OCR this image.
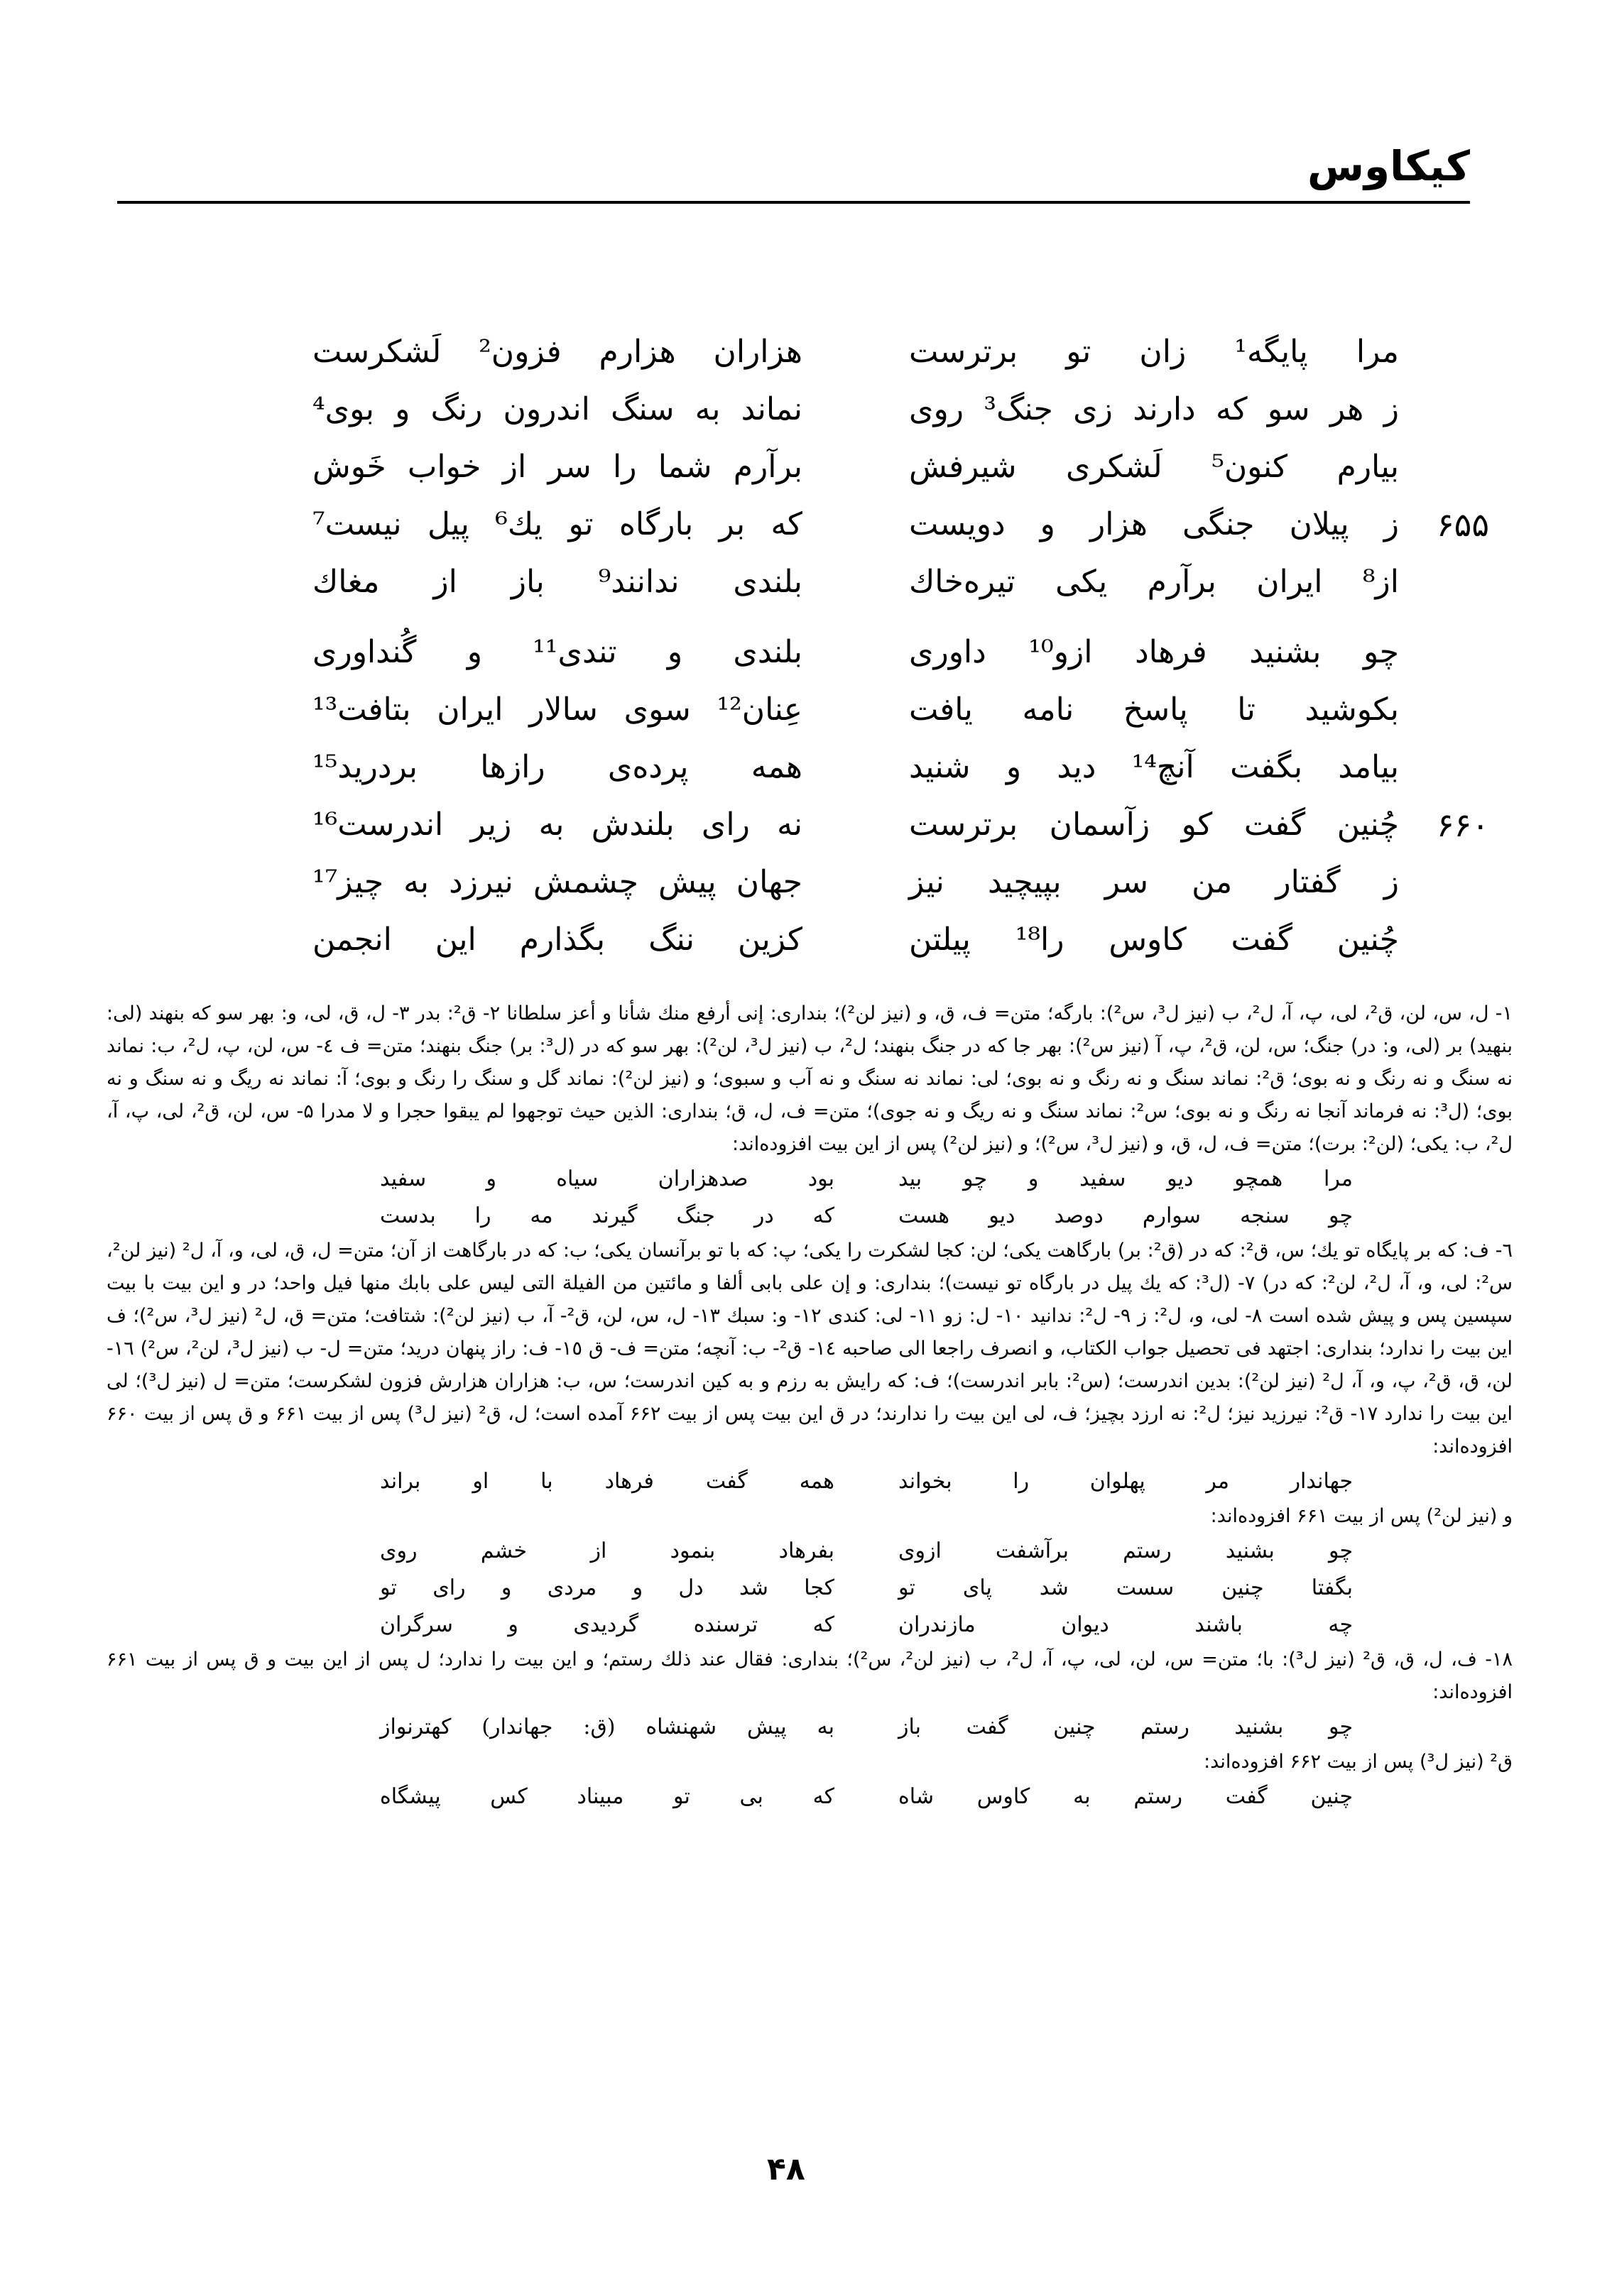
کیکاوس
مرا پایگه¹ زان تو برترست
هزاران هزارم فزون² لَشکرست
ز هر سو که دارند زی جنگ³ روی
نماند به سنگ اندرون رنگ و بوی⁴
بیارم کنون⁵ لَشکری شیرفش
برآرم شما را سر از خواب خَوش
۶۵۵
ز پیلان جنگی هزار و دویست
که بر بارگاه تو یك⁶ پیل نیست⁷
از⁸ ایران برآرم یکی تیره‌خاك
بلندی ندانند⁹ باز از مغاك
چو بشنید فرهاد ازو¹⁰ داوری
بلندی و تندی¹¹ و گُنداوری
بکوشید تا پاسخ نامه یافت
عِنان¹² سوی سالار ایران بتافت¹³
بیامد بگفت آنچ¹⁴ دید و شنید
همه پرده‌ی رازها بردرید¹⁵
۶۶۰
چُنین گفت کو زآسمان برترست
نه رای بلندش به زیر اندرست¹⁶
ز گفتار من سر بپیچید نیز
جهان پیش چشمش نیرزد به چیز¹⁷
چُنین گفت کاوس را¹⁸ پیلتن
کزین ننگ بگذارم این انجمن

۱- ل، س، لن، ق²، لی، پ، آ، ل²، ب (نیز ل³، س²): بارگه؛ متن= ف، ق، و (نیز لن²)؛ بنداری: إنی أرفع منك شأنا و أعز سلطانا ۲- ق²: بدر ۳- ل، ق، لی، و: بهر سو که بنهند (لی: بنهید) بر (لی، و: در) جنگ؛ س، لن، ق²، پ، آ (نیز س²): بهر جا که در جنگ بنهند؛ ل²، ب (نیز ل³، لن²): بهر سو که در (ل³: بر) جنگ بنهند؛ متن= ف ٤- س، لن، پ، ل²، ب: نماند نه سنگ و نه رنگ و نه بوی؛ ق²: نماند سنگ و نه رنگ و نه بوی؛ لی: نماند نه سنگ و نه آب و سبوی؛ و (نیز لن²): نماند گل و سنگ را رنگ و بوی؛ آ: نماند نه ریگ و نه سنگ و نه بوی؛ (ل³: نه فرماند آنجا نه رنگ و نه بوی؛ س²: نماند سنگ و نه ریگ و نه جوی)؛ متن= ف، ل، ق؛ بنداری: الذین حیث توجهوا لم یبقوا حجرا و لا مدرا ۵- س، لن، ق²، لی، پ، آ، ل²، ب: یکی؛ (لن²: برت)؛ متن= ف، ل، ق، و (نیز ل³، س²)؛ و (نیز لن²) پس از این بیت افزوده‌اند:

مرا همچو دیو سفید و چو بید
بود صدهزاران سیاه و سفید
چو سنجه سوارم دوصد دیو هست
که در جنگ گیرند مه را بدست

٦- ف: که بر پایگاه تو یك؛ س، ق²: که در (ق²: بر) بارگاهت یکی؛ لن: کجا لشکرت را یکی؛ پ: که با تو برآنسان یکی؛ ب: که در بارگاهت از آن؛ متن= ل، ق، لی، و، آ، ل² (نیز لن²، س²: لی، و، آ، ل²، لن²: که در) ۷- (ل³: که یك پیل در بارگاه تو نیست)؛ بنداری: و إن علی بابی ألفا و مائتین من الفیلة التی لیس علی بابك منها فیل واحد؛ در و این بیت با بیت سپسین پس و پیش شده است ۸- لی، و، ل²: ز ۹- ل²: ندانید ۱۰- ل: زو ۱۱- لی: کندی ۱۲- و: سبك ۱۳- ل، س، لن، ق²- آ، ب (نیز لن²): شتافت؛ متن= ق، ل² (نیز ل³، س²)؛ ف این بیت را ندارد؛ بنداری: اجتهد فی تحصیل جواب الکتاب، و انصرف راجعا الی صاحبه ١٤- ق²- ب: آنچه؛ متن= ف- ق ١٥- ف: راز پنهان درید؛ متن= ل- ب (نیز ل³، لن²، س²) ١٦- لن، ق، ق²، پ، و، آ، ل² (نیز لن²): بدین اندرست؛ (س²: بابر اندرست)؛ ف: که رایش به رزم و به کین اندرست؛ س، ب: هزاران هزارش فزون لشکرست؛ متن= ل (نیز ل³)؛ لی این بیت را ندارد ۱۷- ق²: نیرزید نیز؛ ل²: نه ارزد بچیز؛ ف، لی این بیت را ندارند؛ در ق این بیت پس از بیت ۶۶۲ آمده است؛ ل، ق² (نیز ل³) پس از بیت ۶۶۱ و ق پس از بیت ۶۶۰ افزوده‌اند:

جهاندار مر پهلوان را بخواند
همه گفت فرهاد با او براند

و (نیز لن²) پس از بیت ۶۶۱ افزوده‌اند:

چو بشنید رستم برآشفت ازوی
بفرهاد بنمود از خشم روی
بگفتا چنین سست شد پای تو
کجا شد دل و مردی و رای تو
چه باشند دیوان مازندران
که ترسنده گردیدی و سرگران

۱۸- ف، ل، ق، ق² (نیز ل³): با؛ متن= س، لن، لی، پ، آ، ل²، ب (نیز لن²، س²)؛ بنداری: فقال عند ذلك رستم؛ و این بیت را ندارد؛ ل پس از این بیت و ق پس از بیت ۶۶۱ افزوده‌اند:

چو بشنید رستم چنین گفت باز
به پیش شهنشاه (ق: جهاندار) کهترنواز

ق² (نیز ل³) پس از بیت ۶۶۲ افزوده‌اند:

چنین گفت رستم به کاوس شاه
که بی تو مبیناد کس پیشگاه
۴۸
